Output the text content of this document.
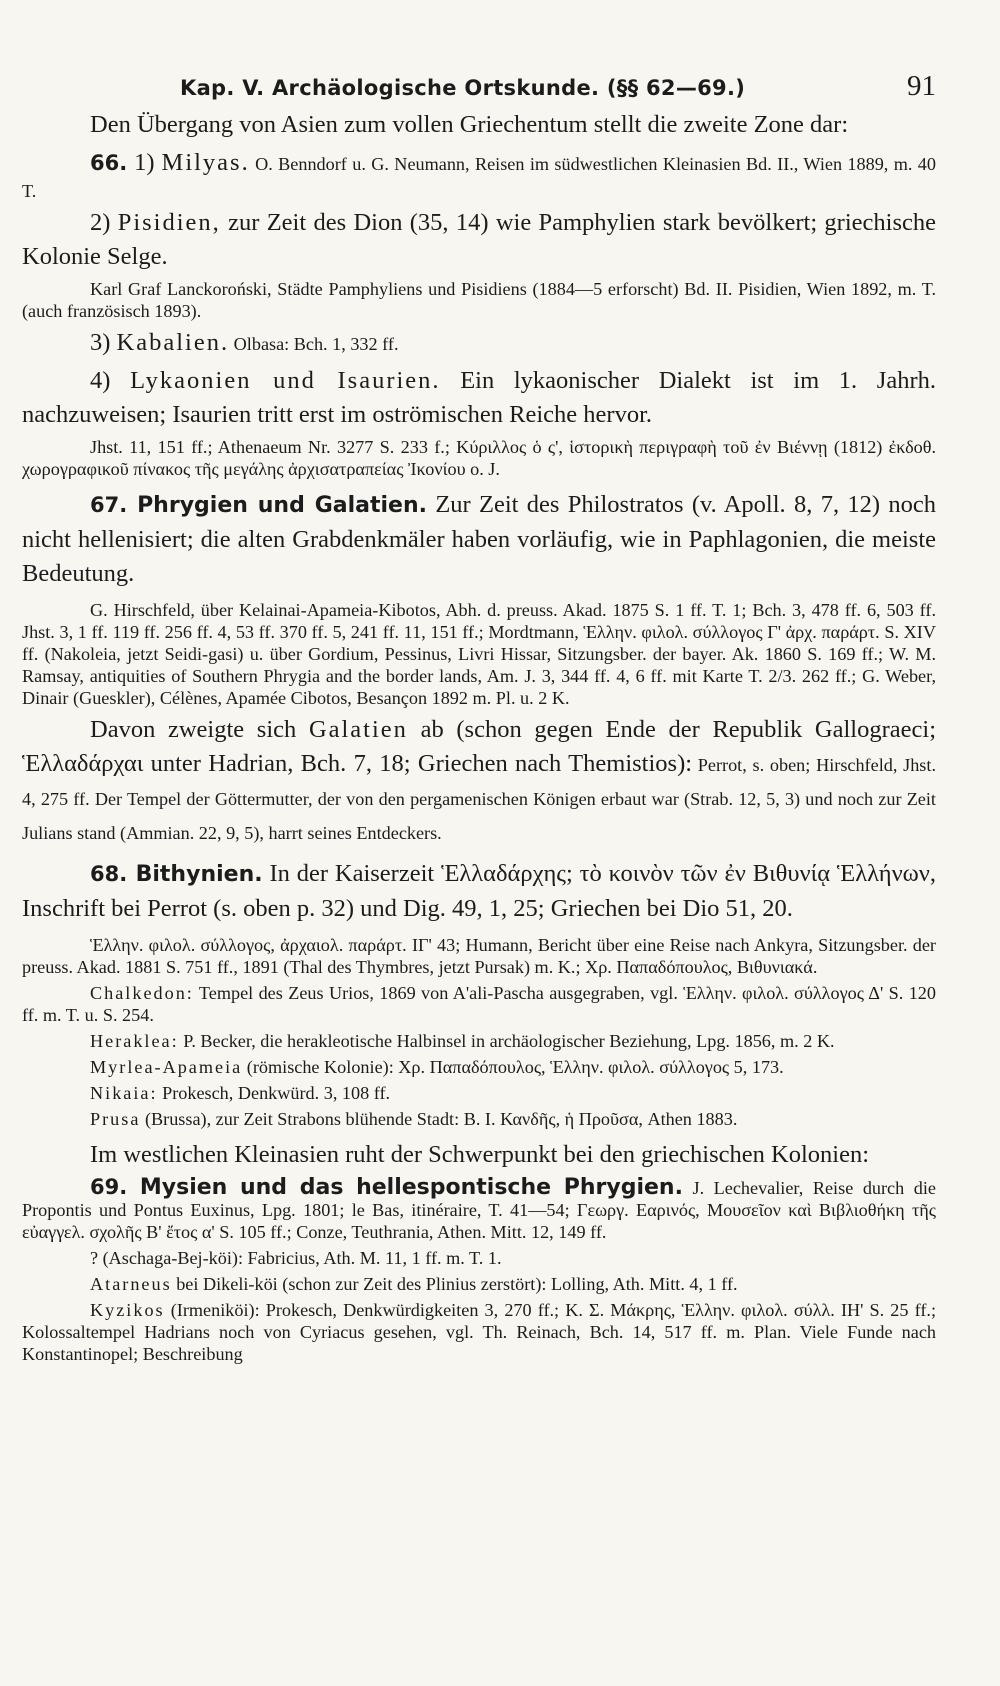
Kap. V. Archäologische Ortskunde. (§§ 62—69.)	91

Den Übergang von Asien zum vollen Griechentum stellt die zweite Zone dar:

66. 1) Milyas. O. Benndorf u. G. Neumann, Reisen im südwestlichen Kleinasien Bd. II., Wien 1889, m. 40 T.

2) Pisidien, zur Zeit des Dion (35, 14) wie Pamphylien stark bevölkert; griechische Kolonie Selge.

Karl Graf Lanckoroński, Städte Pamphyliens und Pisidiens (1884—5 erforscht) Bd. II. Pisidien, Wien 1892, m. T. (auch französisch 1893).

3) Kabalien. Olbasa: Bch. 1, 332 ff.

4) Lykaonien und Isaurien. Ein lykaonischer Dialekt ist im 1. Jahrh. nachzuweisen; Isaurien tritt erst im oströmischen Reiche hervor.

Jhst. 11, 151 ff.; Athenaeum Nr. 3277 S. 233 f.; Κύριλλος ὁ ς', ἱστορικὴ περιγραφὴ τοῦ ἐν Βιέννῃ (1812) ἐκδοθ. χωρογραφικοῦ πίνακος τῆς μεγάλης ἀρχισατραπείας Ἰκονίου o. J.

67. Phrygien und Galatien. Zur Zeit des Philostratos (v. Apoll. 8, 7, 12) noch nicht hellenisiert; die alten Grabdenkmäler haben vorläufig, wie in Paphlagonien, die meiste Bedeutung.

G. Hirschfeld, über Kelainai-Apameia-Kibotos, Abh. d. preuss. Akad. 1875 S. 1 ff. T. 1; Bch. 3, 478 ff. 6, 503 ff. Jhst. 3, 1 ff. 119 ff. 256 ff. 4, 53 ff. 370 ff. 5, 241 ff. 11, 151 ff.; Mordtmann, Ἑλλην. φιλολ. σύλλογος Γ' ἀρχ. παράρτ. S. XIV ff. (Nakoleia, jetzt Seidi-gasi) u. über Gordium, Pessinus, Livri Hissar, Sitzungsber. der bayer. Ak. 1860 S. 169 ff.; W. M. Ramsay, antiquities of Southern Phrygia and the border lands, Am. J. 3, 344 ff. 4, 6 ff. mit Karte T. 2/3. 262 ff.; G. Weber, Dinair (Gueskler), Célènes, Apamée Cibotos, Besançon 1892 m. Pl. u. 2 K.

Davon zweigte sich Galatien ab (schon gegen Ende der Republik Gallograeci; Ἑλλαδάρχαι unter Hadrian, Bch. 7, 18; Griechen nach Themistios): Perrot, s. oben; Hirschfeld, Jhst. 4, 275 ff. Der Tempel der Göttermutter, der von den pergamenischen Königen erbaut war (Strab. 12, 5, 3) und noch zur Zeit Julians stand (Ammian. 22, 9, 5), harrt seines Entdeckers.

68. Bithynien. In der Kaiserzeit Ἑλλαδάρχης; τὸ κοινὸν τῶν ἐν Βιθυνίᾳ Ἑλλήνων, Inschrift bei Perrot (s. oben p. 32) und Dig. 49, 1, 25; Griechen bei Dio 51, 20.

Ἑλλην. φιλολ. σύλλογος, ἀρχαιολ. παράρτ. IΓ' 43; Humann, Bericht über eine Reise nach Ankyra, Sitzungsber. der preuss. Akad. 1881 S. 751 ff., 1891 (Thal des Thymbres, jetzt Pursak) m. K.; Χρ. Παπαδόπουλος, Βιθυνιακά.

Chalkedon: Tempel des Zeus Urios, 1869 von A'ali-Pascha ausgegraben, vgl. Ἑλλην. φιλολ. σύλλογος Δ' S. 120 ff. m. T. u. S. 254.

Heraklea: P. Becker, die herakleotische Halbinsel in archäologischer Beziehung, Lpg. 1856, m. 2 K.

Myrlea-Apameia (römische Kolonie): Χρ. Παπαδόπουλος, Ἑλλην. φιλολ. σύλλογος 5, 173.

Nikaia: Prokesch, Denkwürd. 3, 108 ff.

Prusa (Brussa), zur Zeit Strabons blühende Stadt: Β. Ι. Κανδῆς, ἡ Προῦσα, Athen 1883.

Im westlichen Kleinasien ruht der Schwerpunkt bei den griechischen Kolonien:

69. Mysien und das hellespontische Phrygien. J. Lechevalier, Reise durch die Propontis und Pontus Euxinus, Lpg. 1801; le Bas, itinéraire, T. 41—54; Γεωργ. Εαρινός, Μουσεῖον καὶ Βιβλιοθήκη τῆς εὐαγγελ. σχολῆς Β' ἔτος α' S. 105 ff.; Conze, Teuthrania, Athen. Mitt. 12, 149 ff.

? (Aschaga-Bej-köi): Fabricius, Ath. M. 11, 1 ff. m. T. 1.

Atarneus bei Dikeli-köi (schon zur Zeit des Plinius zerstört): Lolling, Ath. Mitt. 4, 1 ff.

Kyzikos (Irmeniköi): Prokesch, Denkwürdigkeiten 3, 270 ff.; Κ. Σ. Μάκρης, Ἑλλην. φιλολ. σύλλ. IΗ' S. 25 ff.; Kolossaltempel Hadrians noch von Cyriacus gesehen, vgl. Th. Reinach, Bch. 14, 517 ff. m. Plan. Viele Funde nach Konstantinopel; Beschreibung
